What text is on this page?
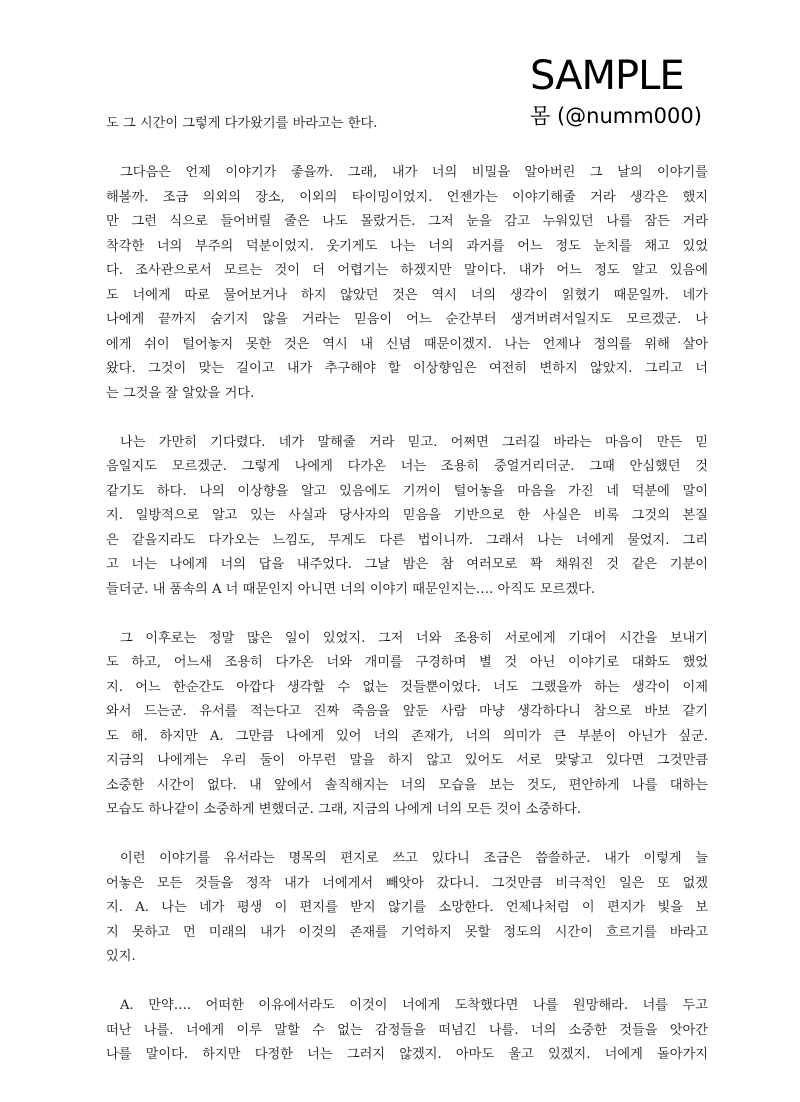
SAMPLE
몸 (@numm000)
도 그 시간이 그렇게 다가왔기를 바라고는 한다.
그다음은 언제 이야기가 좋을까. 그래, 내가 너의 비밀을 알아버린 그 날의 이야기를
해볼까. 조금 의외의 장소, 이외의 타이밍이었지. 언젠가는 이야기해줄 거라 생각은 했지
만 그런 식으로 들어버릴 줄은 나도 몰랐거든. 그저 눈을 감고 누워있던 나를 잠든 거라
착각한 너의 부주의 덕분이었지. 웃기게도 나는 너의 과거를 어느 정도 눈치를 채고 있었
다. 조사관으로서 모르는 것이 더 어렵기는 하겠지만 말이다. 내가 어느 정도 알고 있음에
도 너에게 따로 물어보거나 하지 않았던 것은 역시 너의 생각이 읽혔기 때문일까. 네가
나에게 끝까지 숨기지 않을 거라는 믿음이 어느 순간부터 생겨버려서일지도 모르겠군. 나
에게 쉬이 털어놓지 못한 것은 역시 내 신념 때문이겠지. 나는 언제나 정의를 위해 살아
왔다. 그것이 맞는 길이고 내가 추구해야 할 이상향임은 여전히 변하지 않았지. 그리고 너
는 그것을 잘 알았을 거다.
나는 가만히 기다렸다. 네가 말해줄 거라 믿고. 어쩌면 그러길 바라는 마음이 만든 믿
음일지도 모르겠군. 그렇게 나에게 다가온 너는 조용히 중얼거리더군. 그때 안심했던 것
같기도 하다. 나의 이상향을 알고 있음에도 기꺼이 털어놓을 마음을 가진 네 덕분에 말이
지. 일방적으로 알고 있는 사실과 당사자의 믿음을 기반으로 한 사실은 비록 그것의 본질
은 같을지라도 다가오는 느낌도, 무게도 다른 법이니까. 그래서 나는 너에게 물었지. 그리
고 너는 나에게 너의 답을 내주었다. 그날 밤은 참 여러모로 꽉 채워진 것 같은 기분이
들더군. 내 품속의 A 너 때문인지 아니면 너의 이야기 때문인지는…. 아직도 모르겠다.
그 이후로는 정말 많은 일이 있었지. 그저 너와 조용히 서로에게 기대어 시간을 보내기
도 하고, 어느새 조용히 다가온 너와 개미를 구경하며 별 것 아닌 이야기로 대화도 했었
지. 어느 한순간도 아깝다 생각할 수 없는 것들뿐이었다. 너도 그랬을까 하는 생각이 이제
와서 드는군. 유서를 적는다고 진짜 죽음을 앞둔 사람 마냥 생각하다니 참으로 바보 같기
도 해. 하지만 A. 그만큼 나에게 있어 너의 존재가, 너의 의미가 큰 부분이 아닌가 싶군.
지금의 나에게는 우리 둘이 아무런 말을 하지 않고 있어도 서로 맞닿고 있다면 그것만큼
소중한 시간이 없다. 내 앞에서 솔직해지는 너의 모습을 보는 것도, 편안하게 나를 대하는
모습도 하나같이 소중하게 변했더군. 그래, 지금의 나에게 너의 모든 것이 소중하다.
이런 이야기를 유서라는 명목의 편지로 쓰고 있다니 조금은 씁쓸하군. 내가 이렇게 늘
어놓은 모든 것들을 정작 내가 너에게서 빼앗아 갔다니. 그것만큼 비극적인 일은 또 없겠
지. A. 나는 네가 평생 이 편지를 받지 않기를 소망한다. 언제나처럼 이 편지가 빛을 보
지 못하고 먼 미래의 내가 이것의 존재를 기억하지 못할 정도의 시간이 흐르기를 바라고
있지.
A. 만약…. 어떠한 이유에서라도 이것이 너에게 도착했다면 나를 원망해라. 너를 두고
떠난 나를. 너에게 이루 말할 수 없는 감정들을 떠넘긴 나를. 너의 소중한 것들을 앗아간
나를 말이다. 하지만 다정한 너는 그러지 않겠지. 아마도 울고 있겠지. 너에게 돌아가지
